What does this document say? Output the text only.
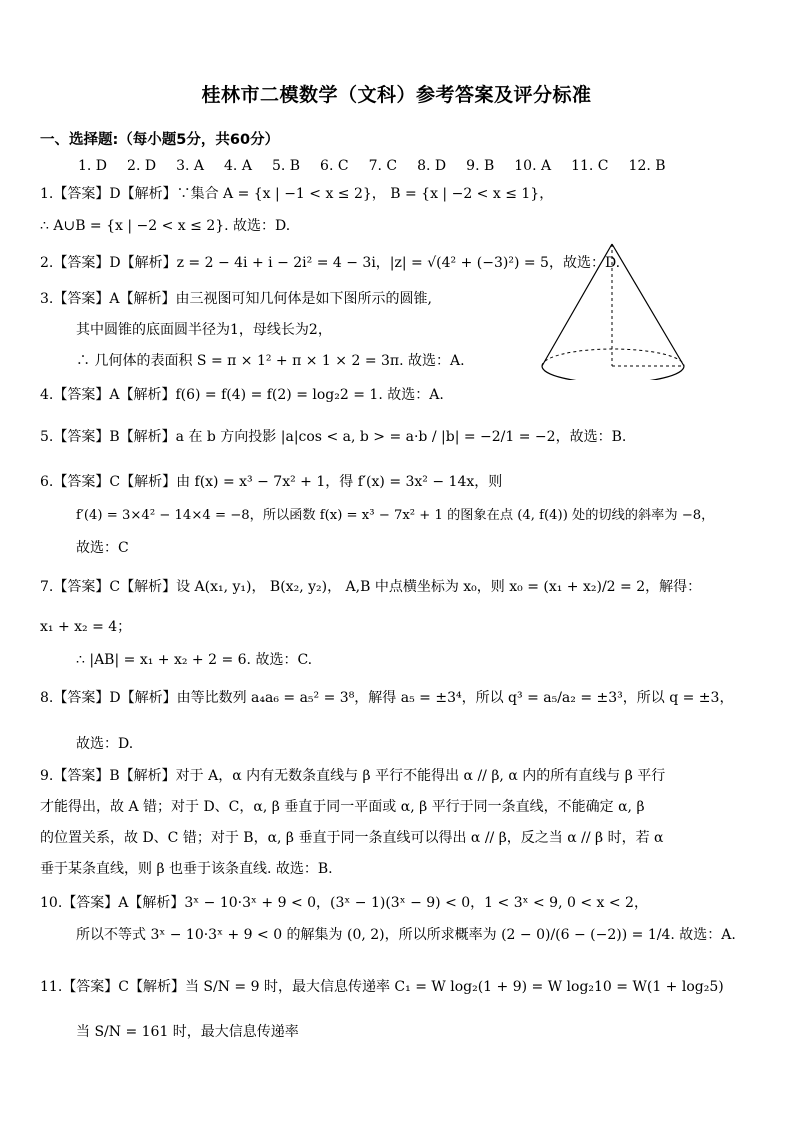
桂林市二模数学（文科）参考答案及评分标准
一、选择题:（每小题5分，共60分）
1. D 2. D 3. A 4. A 5. B 6. C 7. C 8. D 9. B 10. A 11. C 12. B
1.【答案】D【解析】∵集合 A = {x | −1 < x ≤ 2}， B = {x | −2 < x ≤ 1}，
∴ A∪B = {x | −2 < x ≤ 2}. 故选：D.
2.【答案】D【解析】z = 2 − 4i + i − 2i² = 4 − 3i，|z| = √(4² + (−3)²) = 5，故选：D.
3.【答案】A【解析】由三视图可知几何体是如下图所示的圆锥,
其中圆锥的底面圆半径为1，母线长为2，
∴ 几何体的表面积 S = π × 1² + π × 1 × 2 = 3π. 故选：A.
4.【答案】A【解析】f(6) = f(4) = f(2) = log₂2 = 1. 故选：A.
5.【答案】B【解析】a 在 b 方向投影 |a|cos < a, b > = a·b / |b| = −2/1 = −2，故选：B.
6.【答案】C【解析】由 f(x) = x³ − 7x² + 1，得 f′(x) = 3x² − 14x，则
f′(4) = 3×4² − 14×4 = −8，所以函数 f(x) = x³ − 7x² + 1 的图象在点 (4, f(4)) 处的切线的斜率为 −8，
故选：C
7.【答案】C【解析】设 A(x₁, y₁)， B(x₂, y₂)， A,B 中点横坐标为 x₀，则 x₀ = (x₁ + x₂)/2 = 2，解得：
x₁ + x₂ = 4；
∴ |AB| = x₁ + x₂ + 2 = 6. 故选：C.
8.【答案】D【解析】由等比数列 a₄a₆ = a₅² = 3⁸，解得 a₅ = ±3⁴，所以 q³ = a₅/a₂ = ±3³，所以 q = ±3，
故选：D.
9.【答案】B【解析】对于 A，α 内有无数条直线与 β 平行不能得出 α // β, α 内的所有直线与 β 平行
才能得出，故 A 错；对于 D、C，α, β 垂直于同一平面或 α, β 平行于同一条直线，不能确定 α, β
的位置关系，故 D、C 错；对于 B，α, β 垂直于同一条直线可以得出 α // β，反之当 α // β 时，若 α
垂于某条直线，则 β 也垂于该条直线. 故选：B.
10.【答案】A【解析】3ˣ − 10·3ˣ + 9 < 0，(3ˣ − 1)(3ˣ − 9) < 0，1 < 3ˣ < 9, 0 < x < 2，
所以不等式 3ˣ − 10·3ˣ + 9 < 0 的解集为 (0, 2)，所以所求概率为 (2 − 0)/(6 − (−2)) = 1/4. 故选：A.
11.【答案】C【解析】当 S/N = 9 时，最大信息传递率 C₁ = W log₂(1 + 9) = W log₂10 = W(1 + log₂5)
当 S/N = 161 时，最大信息传递率
